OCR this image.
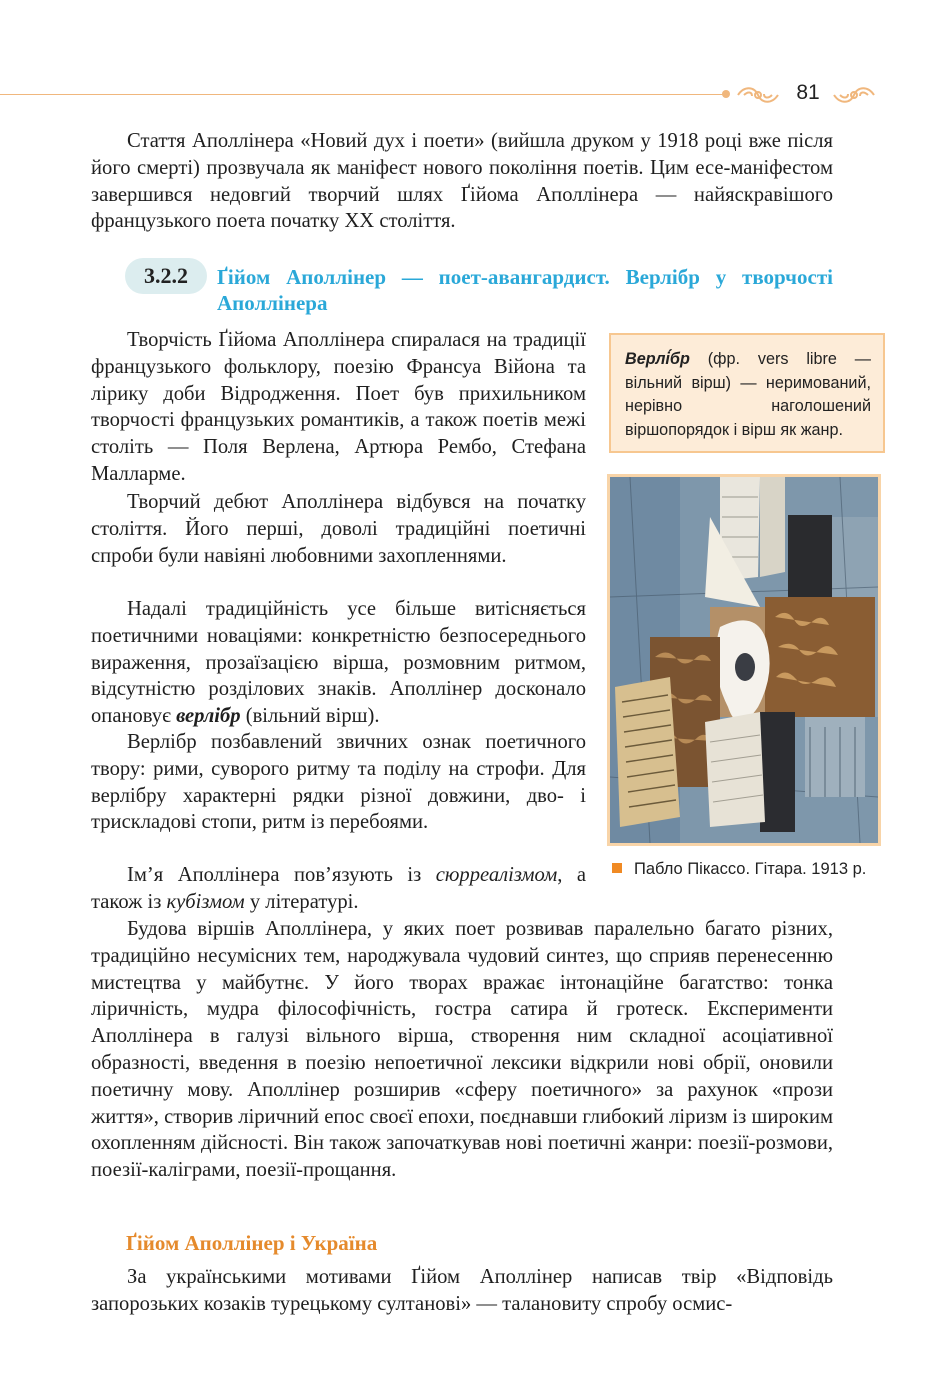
81

Стаття Аполлінера «Новий дух і поети» (вийшла друком у 1918 році вже після його смерті) прозвучала як маніфест нового покоління поетів. Цим есе-маніфестом завершився недовгий творчий шлях Ґійома Аполлінера — найяскравішого французького поета початку XX століття.

3.2.2	Ґійом Аполлінер — поет-авангардист. Верлібр у творчості Аполлінера

Творчість Ґійома Аполлінера спиралася на традиції французького фольклору, поезію Франсуа Війона та лірику доби Відродження. Поет був прихильником творчості французьких романтиків, а також поетів межі століть — Поля Верлена, Артюра Рембо, Стефана Малларме.

Творчий дебют Аполлінера відбувся на початку століття. Його перші, доволі традиційні поетичні спроби були навіяні любовними захопленнями.

Надалі традиційність усе більше витісняється поетичними новаціями: конкретністю безпосереднього вираження, прозаїзацією вірша, розмовним ритмом, відсутністю розділових знаків. Аполлінер досконало опановує верлібр (вільний вірш).

Верлібр позбавлений звичних ознак поетичного твору: рими, суворого ритму та поділу на строфи. Для верлібру характерні рядки різної довжини, дво- і трискладові стопи, ритм із перебоями.

Ім’я Аполлінера пов’язують із сюрреалізмом, а також із кубізмом у літературі.

Будова віршів Аполлінера, у яких поет розвивав паралельно багато різних, традиційно несумісних тем, народжувала чудовий синтез, що сприяв перенесенню мистецтва у майбутнє. У його творах вражає інтонаційне багатство: тонка ліричність, мудра філософічність, гостра сатира й гротеск. Експерименти Аполлінера в галузі вільного вірша, створення ним складної асоціативної образності, введення в поезію непоетичної лексики відкрили нові обрії, оновили поетичну мову. Аполлінер розширив «сферу поетичного» за рахунок «прози життя», створив ліричний епос своєї епохи, поєднавши глибокий ліризм із широким охопленням дійсності. Він також започаткував нові поетичні жанри: поезії-розмови, поезії-каліграми, поезії-прощання.

Верлі́бр (фр. vers libre — вільний вірш) — неримований, нерівно наголошений віршопорядок і вірш як жанр.
Пабло Пікассо. Гітара. 1913 р.
Ґійом Аполлінер і Україна

За українськими мотивами Ґійом Аполлінер написав твір «Відповідь запорозьких козаків турецькому султанові» — талановиту спробу осмис-
